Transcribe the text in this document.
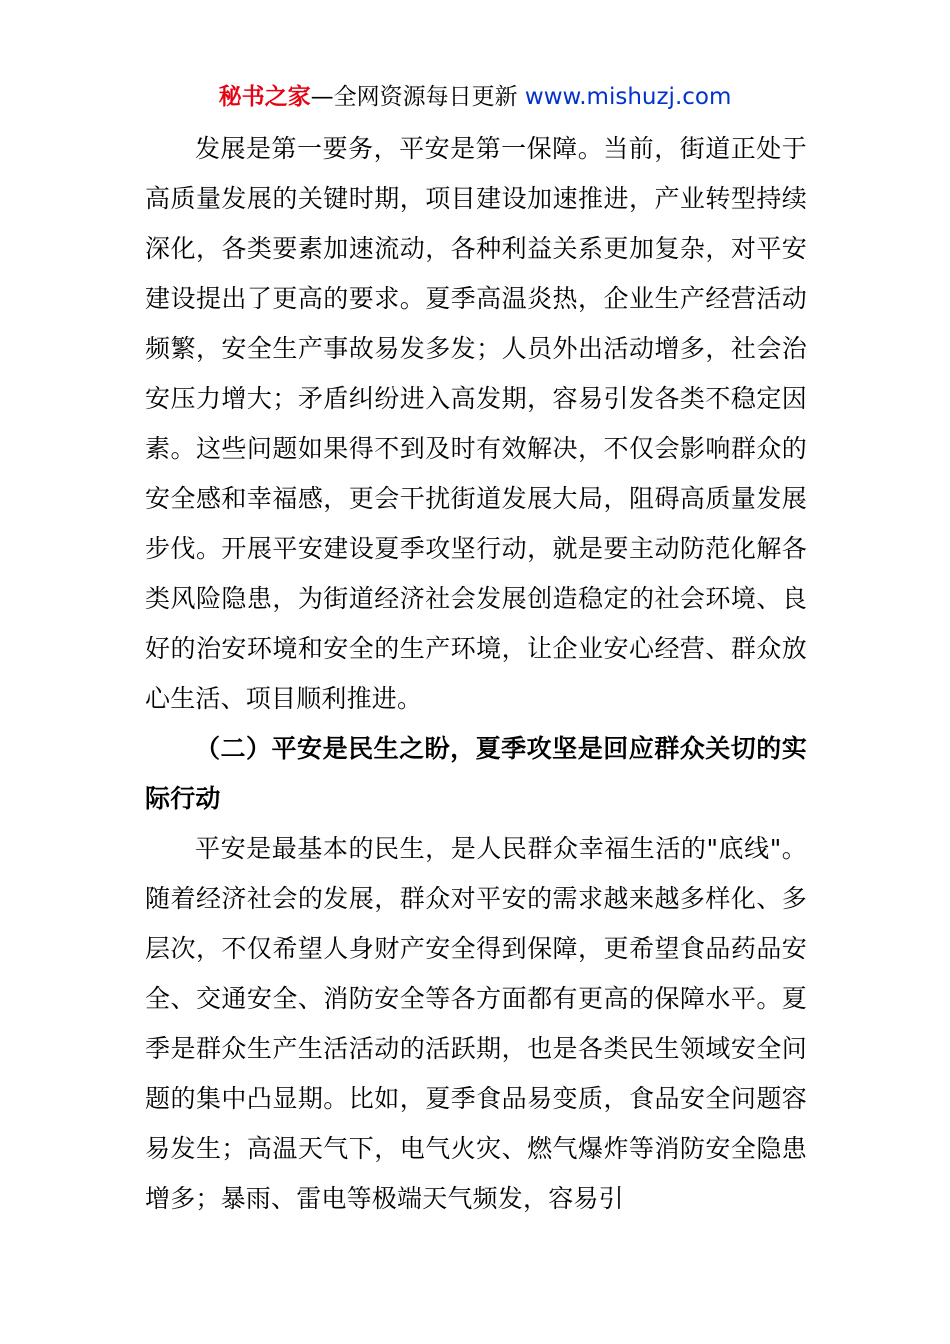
秘书之家—全网资源每日更新 www.mishuzj.com

发展是第一要务，平安是第一保障。当前，街道正处于高质量发展的关键时期，项目建设加速推进，产业转型持续深化，各类要素加速流动，各种利益关系更加复杂，对平安建设提出了更高的要求。夏季高温炎热，企业生产经营活动频繁，安全生产事故易发多发；人员外出活动增多，社会治安压力增大；矛盾纠纷进入高发期，容易引发各类不稳定因素。这些问题如果得不到及时有效解决，不仅会影响群众的安全感和幸福感，更会干扰街道发展大局，阻碍高质量发展步伐。开展平安建设夏季攻坚行动，就是要主动防范化解各类风险隐患，为街道经济社会发展创造稳定的社会环境、良好的治安环境和安全的生产环境，让企业安心经营、群众放心生活、项目顺利推进。

（二）平安是民生之盼，夏季攻坚是回应群众关切的实际行动

平安是最基本的民生，是人民群众幸福生活的"底线"。随着经济社会的发展，群众对平安的需求越来越多样化、多层次，不仅希望人身财产安全得到保障，更希望食品药品安全、交通安全、消防安全等各方面都有更高的保障水平。夏季是群众生产生活活动的活跃期，也是各类民生领域安全问题的集中凸显期。比如，夏季食品易变质，食品安全问题容易发生；高温天气下，电气火灾、燃气爆炸等消防安全隐患增多；暴雨、雷电等极端天气频发，容易引
